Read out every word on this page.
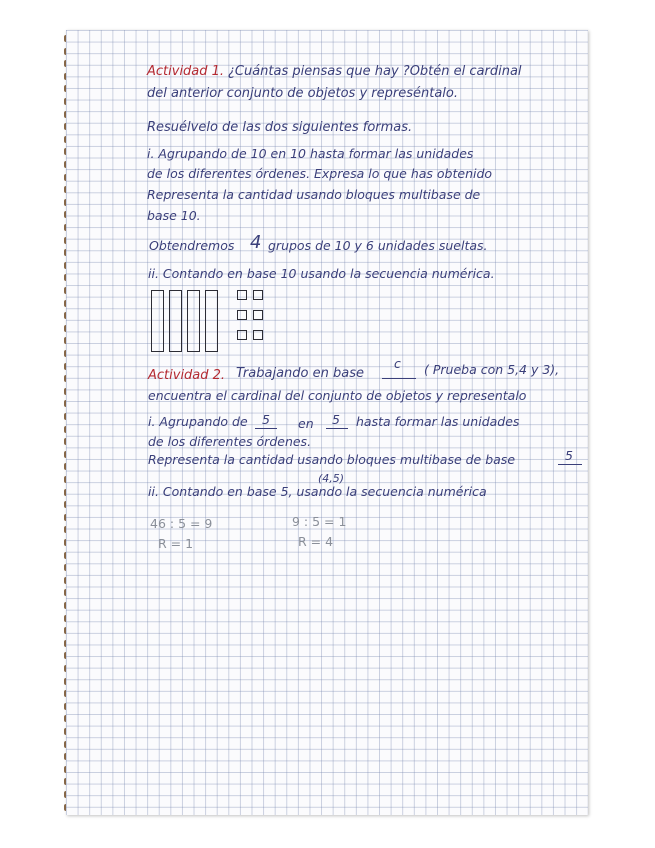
Actividad 1. ¿Cuántas piensas que hay ?Obtén el cardinal
del anterior conjunto de objetos y represéntalo.
Resuélvelo de las dos siguientes formas.
i. Agrupando de 10 en 10 hasta formar las unidades
de los diferentes órdenes. Expresa lo que has obtenido
Representa la cantidad usando bloques multibase de
base 10.
Obtendremos 4 grupos de 10 y 6 unidades sueltas.
ii. Contando en base 10 usando la secuencia numérica.
Actividad 2. Trabajando en base
c ( Prueba con 5,4 y 3),
encuentra el cardinal del conjunto de objetos y representalo
i. Agrupando de 5 en 5 hasta formar las unidades
de los diferentes órdenes.
Representa la cantidad usando bloques multibase de base	5
(4,5)
ii. Contando en base 5, usando la secuencia numérica
46 : 5 = 9
R = 1
9 : 5 = 1
R = 4
